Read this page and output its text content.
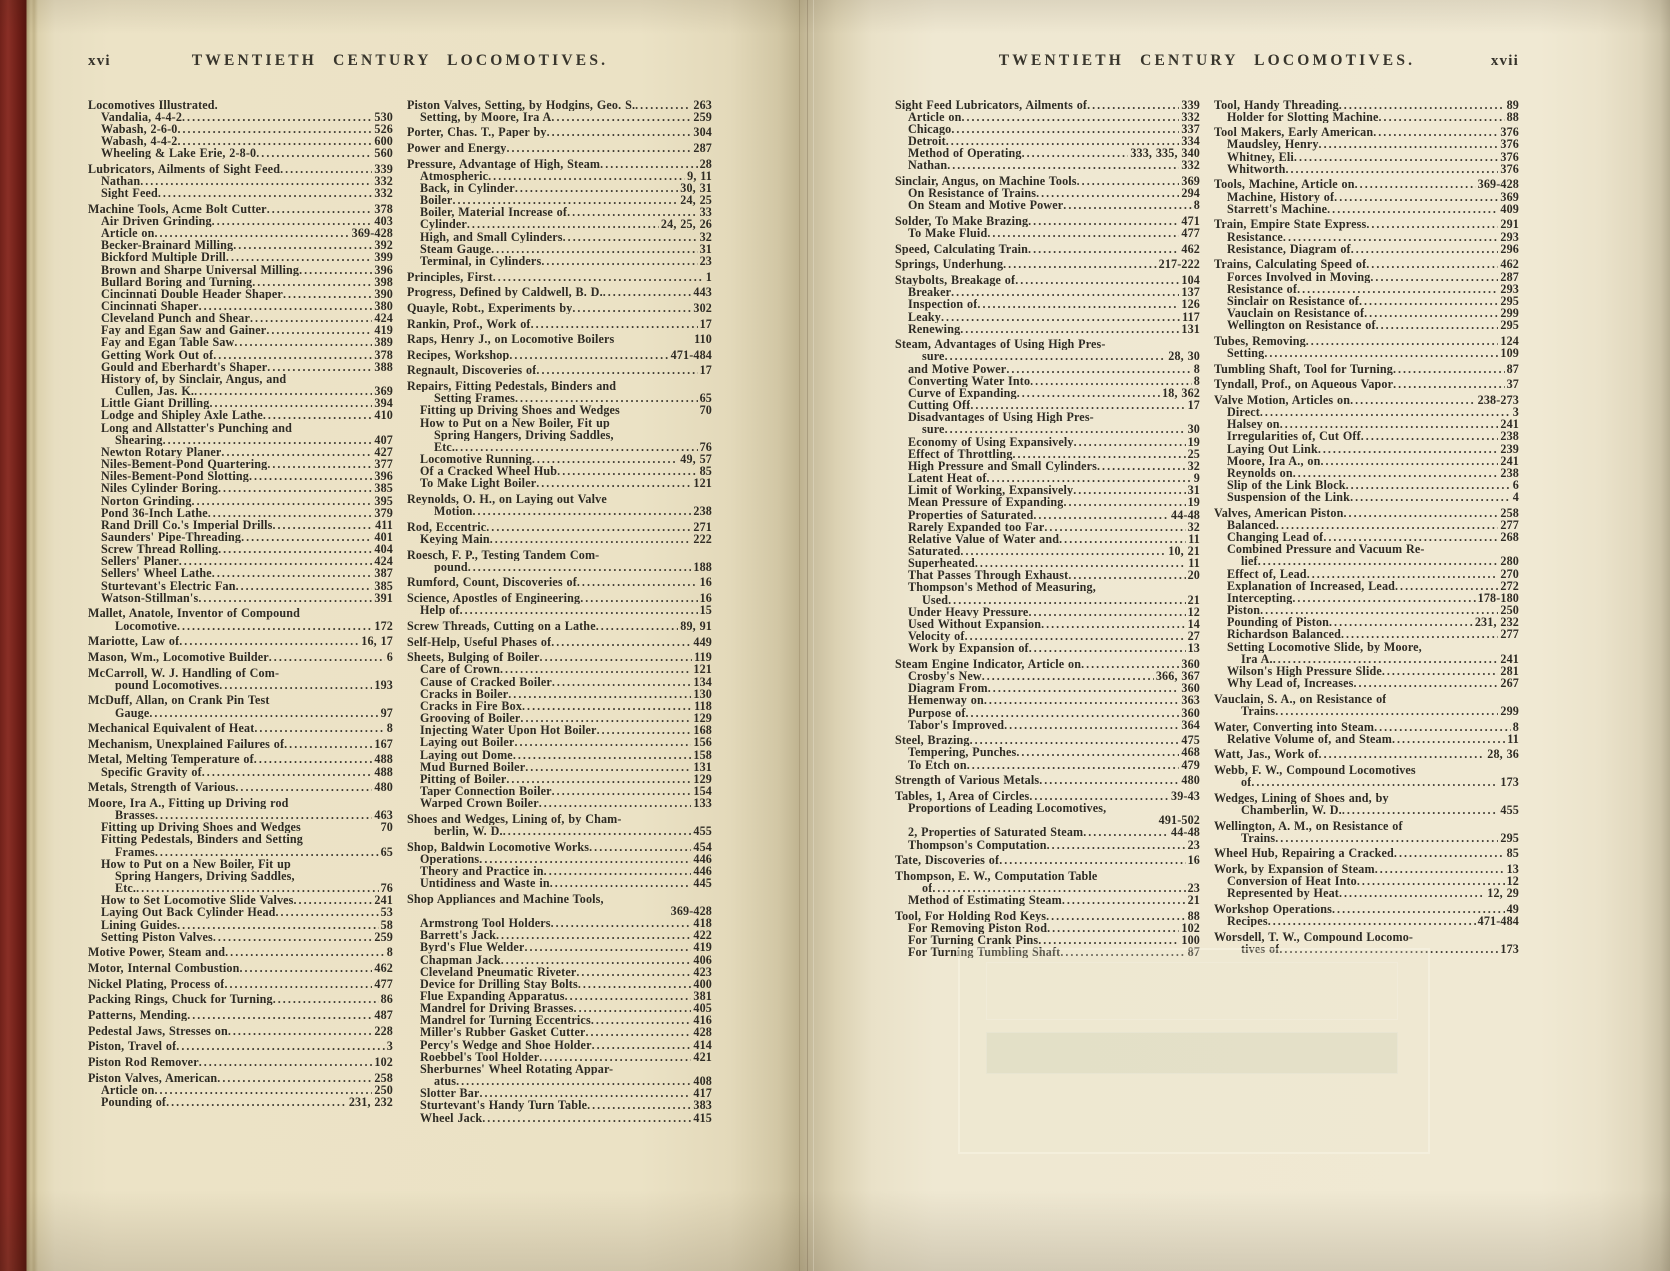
xvi	TWENTIETH CENTURY LOCOMOTIVES.
Locomotives Illustrated.
Vandalia, 4-4-2 .....	530
Wabash, 2-6-0 .....	526
Wabash, 4-4-2 .....	600
Wheeling & Lake Erie, 2-8-0 .....	560
Lubricators, Ailments of Sight Feed .....	339
Nathan .....	332
Sight Feed .....	332
Machine Tools, Acme Bolt Cutter .....	378
Air Driven Grinding .....	403
Article on .....	369-428
Becker-Brainard Milling .....	392
Bickford Multiple Drill .....	399
Brown and Sharpe Universal Milling .....	396
Bullard Boring and Turning .....	398
Cincinnati Double Header Shaper .....	390
Cincinnati Shaper .....	380
Cleveland Punch and Shear .....	424
Fay and Egan Saw and Gainer .....	419
Fay and Egan Table Saw .....	389
Getting Work Out of .....	378
Gould and Eberhardt's Shaper .....	388
History of, by Sinclair, Angus, and
Cullen, Jas. K. .....	369
Little Giant Drilling .....	394
Lodge and Shipley Axle Lathe .....	410
Long and Allstatter's Punching and
Shearing .....	407
Newton Rotary Planer .....	427
Niles-Bement-Pond Quartering .....	377
Niles-Bement-Pond Slotting .....	396
Niles Cylinder Boring .....	385
Norton Grinding .....	395
Pond 36-Inch Lathe .....	379
Rand Drill Co.'s Imperial Drills .....	411
Saunders' Pipe-Threading .....	401
Screw Thread Rolling .....	404
Sellers' Planer .....	424
Sellers' Wheel Lathe .....	387
Sturtevant's Electric Fan .....	385
Watson-Stillman's .....	391
Mallet, Anatole, Inventor of Compound
Locomotive .....	172
Mariotte, Law of .....	16, 17
Mason, Wm., Locomotive Builder .....	6
McCarroll, W. J. Handling of Com-
pound Locomotives .....	193
McDuff, Allan, on Crank Pin Test
Gauge .....	97
Mechanical Equivalent of Heat .....	8
Mechanism, Unexplained Failures of .....	167
Metal, Melting Temperature of .....	488
Specific Gravity of .....	488
Metals, Strength of Various .....	480
Moore, Ira A., Fitting up Driving rod
Brasses .....	463
Fitting up Driving Shoes and Wedges	70
Fitting Pedestals, Binders and Setting
Frames .....	65
How to Put on a New Boiler, Fit up
Spring Hangers, Driving Saddles,
Etc. .....	76
How to Set Locomotive Slide Valves .....	241
Laying Out Back Cylinder Head .....	53
Lining Guides .....	58
Setting Piston Valves .....	259
Motive Power, Steam and .....	8
Motor, Internal Combustion .....	462
Nickel Plating, Process of .....	477
Packing Rings, Chuck for Turning .....	86
Patterns, Mending .....	487
Pedestal Jaws, Stresses on .....	228
Piston, Travel of .....	3
Piston Rod Remover .....	102
Piston Valves, American .....	258
Article on .....	250
Pounding of .....	231, 232
Piston Valves, Setting, by Hodgins, Geo. S. .....	263
Setting, by Moore, Ira A .....	259
Porter, Chas. T., Paper by .....	304
Power and Energy .....	287
Pressure, Advantage of High, Steam .....	28
Atmospheric .....	9, 11
Back, in Cylinder .....	30, 31
Boiler .....	24, 25
Boiler, Material Increase of .....	33
Cylinder .....	24, 25, 26
High, and Small Cylinders .....	32
Steam Gauge .....	31
Terminal, in Cylinders .....	23
Principles, First .....	1
Progress, Defined by Caldwell, B. D. .....	443
Quayle, Robt., Experiments by .....	302
Rankin, Prof., Work of .....	17
Raps, Henry J., on Locomotive Boilers	110
Recipes, Workshop .....	471-484
Regnault, Discoveries of .....	17
Repairs, Fitting Pedestals, Binders and
Setting Frames .....	65
Fitting up Driving Shoes and Wedges	70
How to Put on a New Boiler, Fit up
Spring Hangers, Driving Saddles,
Etc. .....	76
Locomotive Running .....	49, 57
Of a Cracked Wheel Hub .....	85
To Make Light Boiler .....	121
Reynolds, O. H., on Laying out Valve
Motion .....	238
Rod, Eccentric .....	271
Keying Main .....	222
Roesch, F. P., Testing Tandem Com-
pound .....	188
Rumford, Count, Discoveries of .....	16
Science, Apostles of Engineering .....	16
Help of .....	15
Screw Threads, Cutting on a Lathe .....	89, 91
Self-Help, Useful Phases of .....	449
Sheets, Bulging of Boiler .....	119
Care of Crown .....	121
Cause of Cracked Boiler .....	134
Cracks in Boiler .....	130
Cracks in Fire Box .....	118
Grooving of Boiler .....	129
Injecting Water Upon Hot Boiler .....	168
Laying out Boiler .....	156
Laying out Dome .....	158
Mud Burned Boiler .....	131
Pitting of Boiler .....	129
Taper Connection Boiler .....	154
Warped Crown Boiler .....	133
Shoes and Wedges, Lining of, by Cham-
berlin, W. D. .....	455
Shop, Baldwin Locomotive Works .....	454
Operations .....	446
Theory and Practice in .....	446
Untidiness and Waste in .....	445
Shop Appliances and Machine Tools,
369-428
Armstrong Tool Holders .....	418
Barrett's Jack .....	422
Byrd's Flue Welder .....	419
Chapman Jack .....	406
Cleveland Pneumatic Riveter .....	423
Device for Drilling Stay Bolts .....	400
Flue Expanding Apparatus .....	381
Mandrel for Driving Brasses .....	405
Mandrel for Turning Eccentrics .....	416
Miller's Rubber Gasket Cutter .....	428
Percy's Wedge and Shoe Holder .....	414
Roebbel's Tool Holder .....	421
Sherburnes' Wheel Rotating Appar-
atus .....	408
Slotter Bar .....	417
Sturtevant's Handy Turn Table .....	383
Wheel Jack .....	415
TWENTIETH CENTURY LOCOMOTIVES.	xvii
Sight Feed Lubricators, Ailments of .....	339
Article on .....	332
Chicago .....	337
Detroit .....	334
Method of Operating .....	333, 335, 340
Nathan .....	332
Sinclair, Angus, on Machine Tools .....	369
On Resistance of Trains .....	294
On Steam and Motive Power .....	8
Solder, To Make Brazing .....	471
To Make Fluid .....	477
Speed, Calculating Train .....	462
Springs, Underhung .....	217-222
Staybolts, Breakage of .....	104
Breaker .....	137
Inspection of .....	126
Leaky .....	117
Renewing .....	131
Steam, Advantages of Using High Pres-
sure .....	28, 30
and Motive Power .....	8
Converting Water Into .....	8
Curve of Expanding .....	18, 362
Cutting Off .....	17
Disadvantages of Using High Pres-
sure .....	30
Economy of Using Expansively .....	19
Effect of Throttling .....	25
High Pressure and Small Cylinders .....	32
Latent Heat of .....	9
Limit of Working, Expansively .....	31
Mean Pressure of Expanding .....	19
Properties of Saturated .....	44-48
Rarely Expanded too Far .....	32
Relative Value of Water and .....	11
Saturated .....	10, 21
Superheated .....	11
That Passes Through Exhaust .....	20
Thompson's Method of Measuring,
Used .....	21
Under Heavy Pressure .....	12
Used Without Expansion .....	14
Velocity of .....	27
Work by Expansion of .....	13
Steam Engine Indicator, Article on .....	360
Crosby's New .....	366, 367
Diagram From .....	360
Hemenway on .....	363
Purpose of .....	360
Tabor's Improved .....	364
Steel, Brazing .....	475
Tempering, Punches .....	468
To Etch on .....	479
Strength of Various Metals .....	480
Tables, 1, Area of Circles .....	39-43
Proportions of Leading Locomotives,
491-502
2, Properties of Saturated Steam .....	44-48
Thompson's Computation .....	23
Tate, Discoveries of .....	16
Thompson, E. W., Computation Table
of .....	23
Method of Estimating Steam .....	21
Tool, For Holding Rod Keys .....	88
For Removing Piston Rod .....	102
For Turning Crank Pins .....	100
For Turning Tumbling Shaft .....	87
Tool, Handy Threading .....	89
Holder for Slotting Machine .....	88
Tool Makers, Early American .....	376
Maudsley, Henry .....	376
Whitney, Eli .....	376
Whitworth .....	376
Tools, Machine, Article on .....	369-428
Machine, History of .....	369
Starrett's Machine .....	409
Train, Empire State Express .....	291
Resistance .....	293
Resistance, Diagram of .....	296
Trains, Calculating Speed of .....	462
Forces Involved in Moving .....	287
Resistance of .....	293
Sinclair on Resistance of .....	295
Vauclain on Resistance of .....	299
Wellington on Resistance of .....	295
Tubes, Removing .....	124
Setting .....	109
Tumbling Shaft, Tool for Turning .....	87
Tyndall, Prof., on Aqueous Vapor .....	37
Valve Motion, Articles on .....	238-273
Direct .....	3
Halsey on .....	241
Irregularities of, Cut Off .....	238
Laying Out Link .....	239
Moore, Ira A., on .....	241
Reynolds on .....	238
Slip of the Link Block .....	6
Suspension of the Link .....	4
Valves, American Piston .....	258
Balanced .....	277
Changing Lead of .....	268
Combined Pressure and Vacuum Re-
lief .....	280
Effect of, Lead .....	270
Explanation of Increased, Lead .....	272
Intercepting .....	178-180
Piston .....	250
Pounding of Piston .....	231, 232
Richardson Balanced .....	277
Setting Locomotive Slide, by Moore,
Ira A. .....	241
Wilson's High Pressure Slide .....	281
Why Lead of, Increases .....	267
Vauclain, S. A., on Resistance of
Trains .....	299
Water, Converting into Steam .....	8
Relative Volume of, and Steam .....	11
Watt, Jas., Work of .....	28, 36
Webb, F. W., Compound Locomotives
of .....	173
Wedges, Lining of Shoes and, by
Chamberlin, W. D. .....	455
Wellington, A. M., on Resistance of
Trains .....	295
Wheel Hub, Repairing a Cracked .....	85
Work, by Expansion of Steam .....	13
Conversion of Heat Into .....	12
Represented by Heat .....	12, 29
Workshop Operations .....	49
Recipes .....	471-484
Worsdell, T. W., Compound Locomo-
tives of .....	173
